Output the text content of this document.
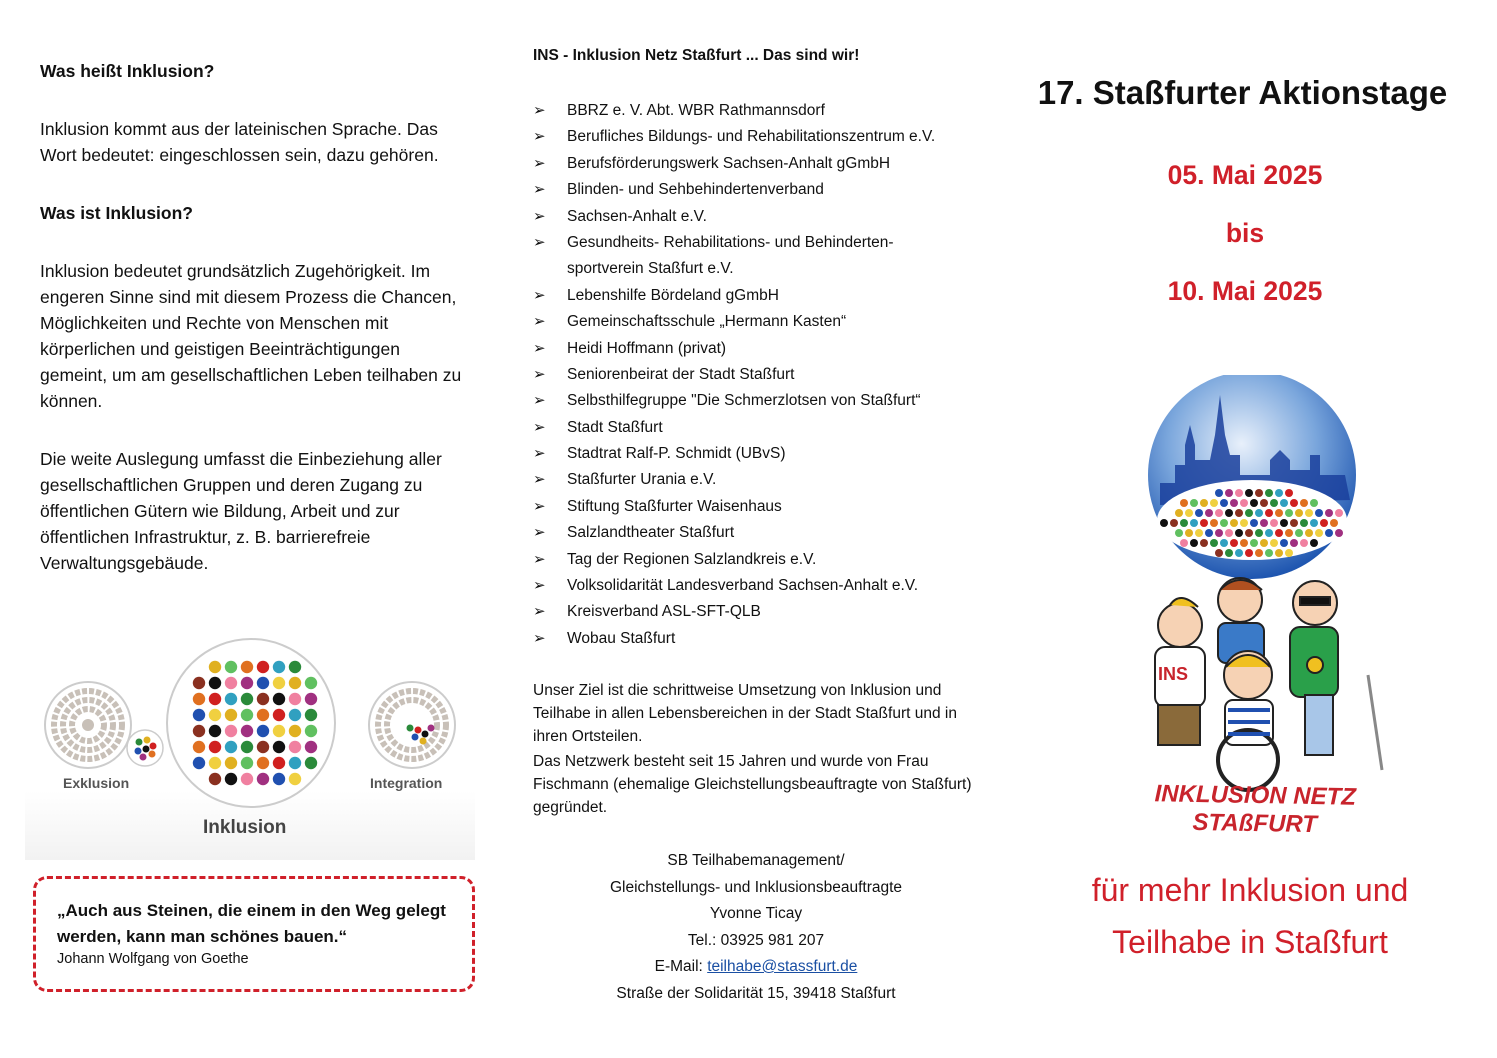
Was heißt Inklusion?

Inklusion kommt aus der lateinischen Sprache. Das Wort bedeutet: eingeschlossen sein, dazu gehören.

Was ist Inklusion?

Inklusion bedeutet grundsätzlich Zugehörigkeit. Im engeren Sinne sind mit diesem Prozess die Chancen, Möglichkeiten und Rechte von Menschen mit körperlichen und geistigen Beeinträchtigungen gemeint, um am gesellschaftlichen Leben teilhaben zu können.

Die weite Auslegung umfasst die Einbeziehung aller gesellschaftlichen Gruppen und deren Zugang zu öffentlichen Gütern wie Bildung, Arbeit und zur öffentlichen Infrastruktur, z. B. barrierefreie Verwaltungsgebäude.

Exklusion	Integration
Inklusion
„Auch aus Steinen, die einem in den Weg gelegt werden, kann man schönes bauen.“
Johann Wolfgang von Goethe
INS - Inklusion Netz Staßfurt ... Das sind wir!
➢ BBRZ e. V. Abt. WBR Rathmannsdorf
➢ Berufliches Bildungs- und Rehabilitationszentrum e.V.
➢ Berufsförderungswerk Sachsen-Anhalt gGmbH
➢ Blinden- und Sehbehindertenverband
➢ Sachsen-Anhalt e.V.
➢ Gesundheits- Rehabilitations- und Behinderten-
sportverein Staßfurt e.V.
➢ Lebenshilfe Bördeland gGmbH
➢ Gemeinschaftsschule „Hermann Kasten“
➢ Heidi Hoffmann (privat)
➢ Seniorenbeirat der Stadt Staßfurt
➢ Selbsthilfegruppe "Die Schmerzlotsen von Staßfurt“
➢ Stadt Staßfurt
➢ Stadtrat Ralf-P. Schmidt (UBvS)
➢ Staßfurter Urania e.V.
➢ Stiftung Staßfurter Waisenhaus
➢ Salzlandtheater Staßfurt
➢ Tag der Regionen Salzlandkreis e.V.
➢ Volksolidarität Landesverband Sachsen-Anhalt e.V.
➢ Kreisverband ASL-SFT-QLB
➢ Wobau Staßfurt
Unser Ziel ist die schrittweise Umsetzung von Inklusion und Teilhabe in allen Lebensbereichen in der Stadt Staßfurt und in ihren Ortsteilen.
Das Netzwerk besteht seit 15 Jahren und wurde von Frau Fischmann (ehemalige Gleichstellungsbeauftragte von Staßfurt) gegründet.
SB Teilhabemanagement/
Gleichstellungs- und Inklusionsbeauftragte
Yvonne Ticay
Tel.: 03925 981 207
E-Mail: teilhabe@stassfurt.de
Straße der Solidarität 15, 39418 Staßfurt
17. Staßfurter Aktionstage
05. Mai 2025
bis
10. Mai 2025
INS
INKLUSION NETZ STAßFURT
für mehr Inklusion und
Teilhabe in Staßfurt
